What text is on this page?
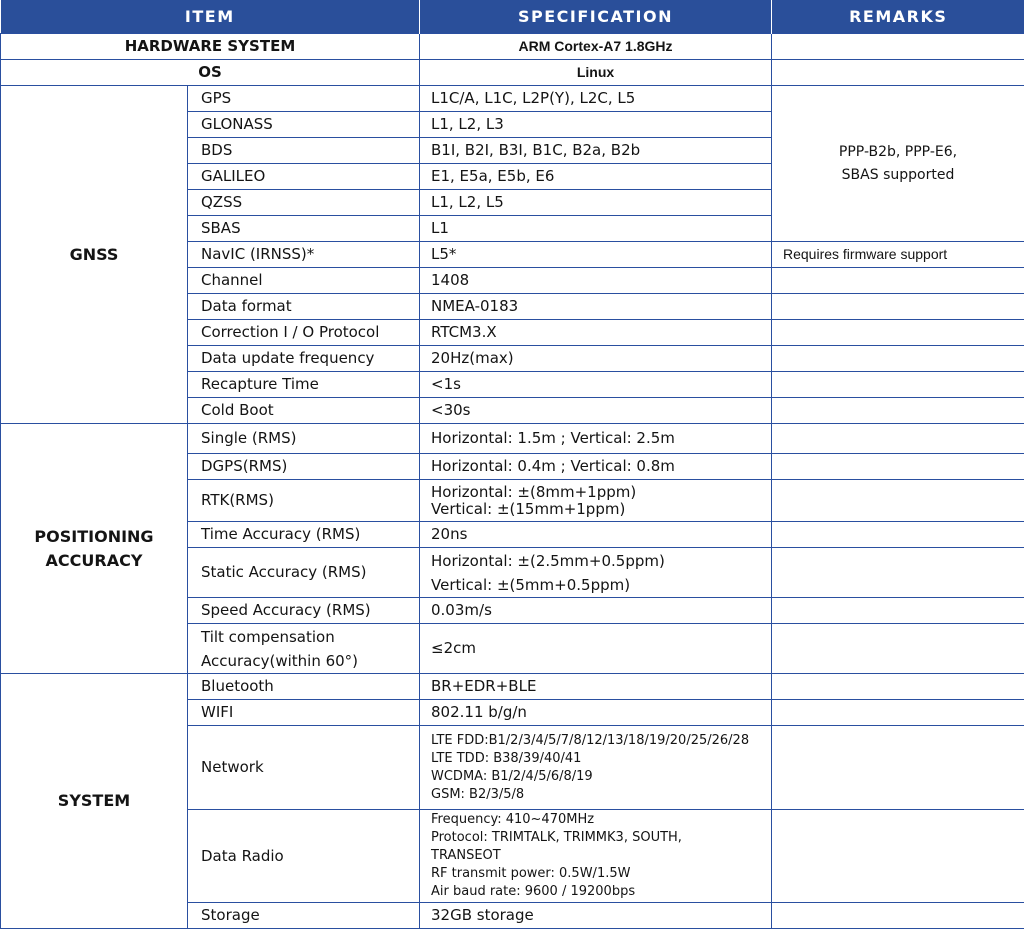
ITEM		SPECIFICATION	REMARKS
HARDWARE SYSTEM		ARM Cortex-A7 1.8GHz	
OS		Linux	
GNSS	GPS	L1C/A, L1C, L2P(Y), L2C, L5	PPP-B2b, PPP-E6,
SBAS supported

	GLONASS	L1, L2, L3	
	BDS	B1I, B2I, B3I, B1C, B2a, B2b	
	GALILEO	E1, E5a, E5b, E6	
	QZSS	L1, L2, L5	
	SBAS	L1	
	NavIC (IRNSS)*	L5*	Requires firmware support
	Channel	1408	
	Data format	NMEA-0183	
	Correction I / O Protocol	RTCM3.X	
	Data update frequency	20Hz(max)	
	Recapture Time	<1s	
	Cold Boot	<30s	

POSITIONING
ACCURACY	Single (RMS)	Horizontal: 1.5m ; Vertical: 2.5m	
	DGPS(RMS)	Horizontal: 0.4m ; Vertical: 0.8m	
	RTK(RMS)	Horizontal: ±(8mm+1ppm)
Vertical: ±(15mm+1ppm)	

	Time Accuracy (RMS)	20ns	
	Static Accuracy (RMS)	Horizontal: ±(2.5mm+0.5ppm)
Vertical: ±(5mm+0.5ppm)	

	Speed Accuracy (RMS)	0.03m/s	

	Tilt compensation
Accuracy(within 60°)	≤2cm	
SYSTEM	Bluetooth	BR+EDR+BLE	
	WIFI	802.11 b/g/n	
	Network	LTE FDD:B1/2/3/4/5/7/8/12/13/18/19/20/25/26/28
LTE TDD: B38/39/40/41
WCDMA: B1/2/4/5/6/8/19
GSM: B2/3/5/8	

	Data Radio	Frequency: 410~470MHz
Protocol: TRIMTALK, TRIMMK3, SOUTH,
TRANSEOT
RF transmit power: 0.5W/1.5W
Air baud rate: 9600 / 19200bps	

	Storage	32GB storage	
